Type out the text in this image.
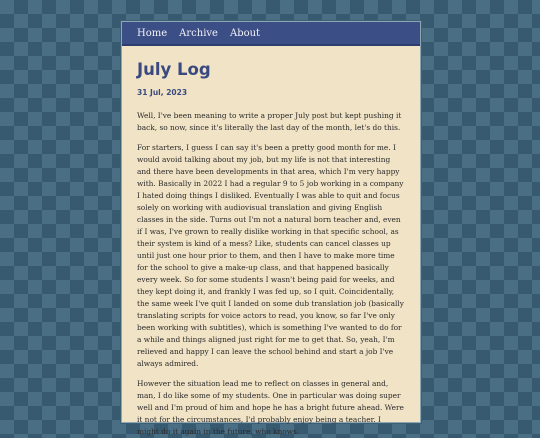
Home Archive About
July Log
31 Jul, 2023

Well, I've been meaning to write a proper July post but kept pushing it back, so now, since it's literally the last day of the month, let's do this.

For starters, I guess I can say it's been a pretty good month for me. I would avoid talking about my job, but my life is not that interesting and there have been developments in that area, which I'm very happy with. Basically in 2022 I had a regular 9 to 5 job working in a company I hated doing things I disliked. Eventually I was able to quit and focus solely on working with audiovisual translation and giving English classes in the side. Turns out I'm not a natural born teacher and, even if I was, I've grown to really dislike working in that specific school, as their system is kind of a mess? Like, students can cancel classes up until just one hour prior to them, and then I have to make more time for the school to give a make-up class, and that happened basically every week. So for some students I wasn't being paid for weeks, and they kept doing it, and frankly I was fed up, so I quit. Coincidentally, the same week I've quit I landed on some dub translation job (basically translating scripts for voice actors to read, you know, so far I've only been working with subtitles), which is something I've wanted to do for a while and things aligned just right for me to get that. So, yeah, I'm relieved and happy I can leave the school behind and start a job I've always admired.

However the situation lead me to reflect on classes in general and, man, I do like some of my students. One in particular was doing super well and I'm proud of him and hope he has a bright future ahead. Were it not for the circumstances, I'd probably enjoy being a teacher. I might do it again in the future, who knows.
